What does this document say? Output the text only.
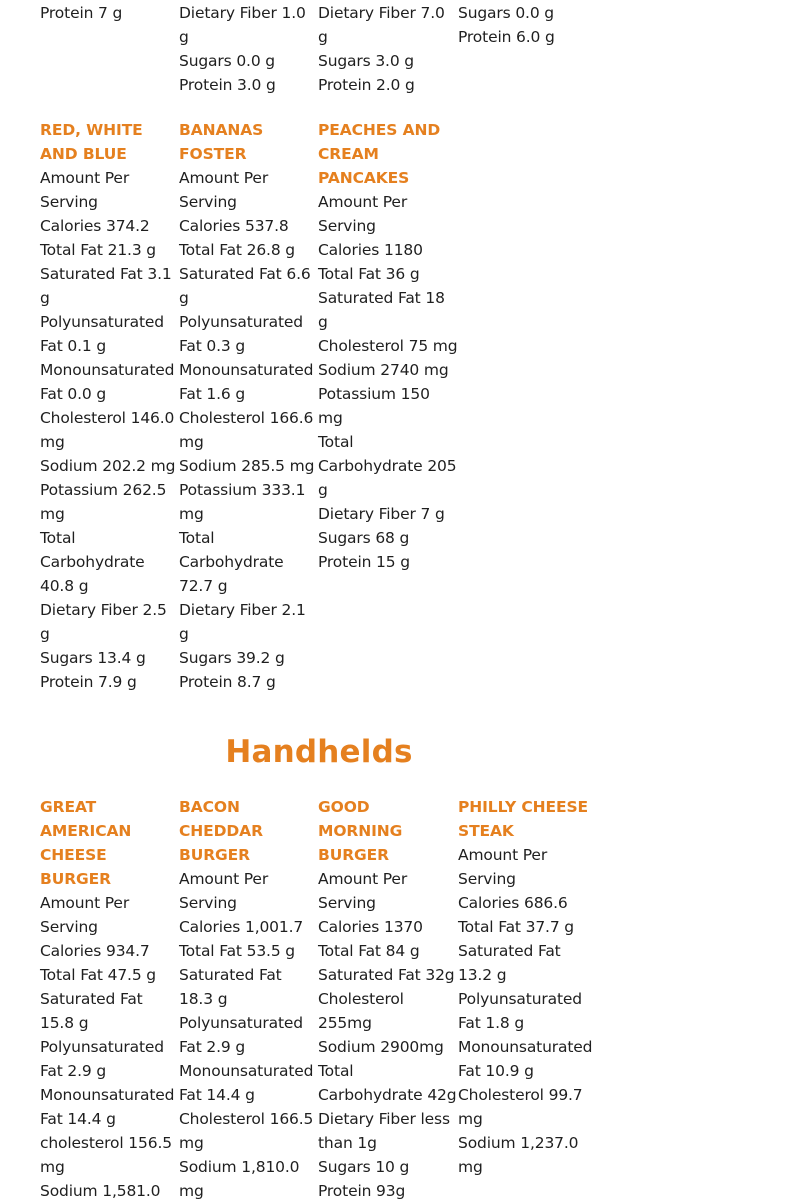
Protein 7 g	Dietary Fiber 1.0 g
Sugars 0.0 g
Protein 3.0 g
Dietary Fiber 7.0 g
Sugars 3.0 g
Protein 2.0 g
Sugars 0.0 g
Protein 6.0 g
RED, WHITE AND BLUE
Amount Per Serving
Calories 374.2
Total Fat 21.3 g
Saturated Fat 3.1 g
Polyunsaturated Fat 0.1 g
Monounsaturated Fat 0.0 g
Cholesterol 146.0 mg
Sodium 202.2 mg
Potassium 262.5 mg
Total Carbohydrate 40.8 g
Dietary Fiber 2.5 g
Sugars 13.4 g
Protein 7.9 g
BANANAS FOSTER
Amount Per Serving
Calories 537.8
Total Fat 26.8 g
Saturated Fat 6.6 g
Polyunsaturated Fat 0.3 g
Monounsaturated Fat 1.6 g
Cholesterol 166.6 mg
Sodium 285.5 mg
Potassium 333.1 mg
Total Carbohydrate 72.7 g
Dietary Fiber 2.1 g
Sugars 39.2 g
Protein 8.7 g
PEACHES AND CREAM PANCAKES
Amount Per Serving
Calories 1180
Total Fat 36 g
Saturated Fat 18 g
Cholesterol 75 mg
Sodium 2740 mg
Potassium 150 mg
Total Carbohydrate 205 g
Dietary Fiber 7 g
Sugars 68 g
Protein 15 g
Handhelds
GREAT AMERICAN CHEESE BURGER
Amount Per Serving
Calories 934.7
Total Fat 47.5 g
Saturated Fat 15.8 g
Polyunsaturated Fat 2.9 g
Monounsaturated Fat 14.4 g
cholesterol 156.5 mg
Sodium 1,581.0
BACON CHEDDAR BURGER
Amount Per Serving
Calories 1,001.7
Total Fat 53.5 g
Saturated Fat 18.3 g
Polyunsaturated Fat 2.9 g
Monounsaturated Fat 14.4 g
Cholesterol 166.5 mg
Sodium 1,810.0 mg
GOOD MORNING BURGER
Amount Per Serving
Calories 1370
Total Fat 84 g
Saturated Fat 32g
Cholesterol 255mg
Sodium 2900mg
Total Carbohydrate 42g
Dietary Fiber less than 1g
Sugars 10 g
Protein 93g
PHILLY CHEESE STEAK
Amount Per Serving
Calories 686.6
Total Fat 37.7 g
Saturated Fat 13.2 g
Polyunsaturated Fat 1.8 g
Monounsaturated Fat 10.9 g
Cholesterol 99.7 mg
Sodium 1,237.0 mg
